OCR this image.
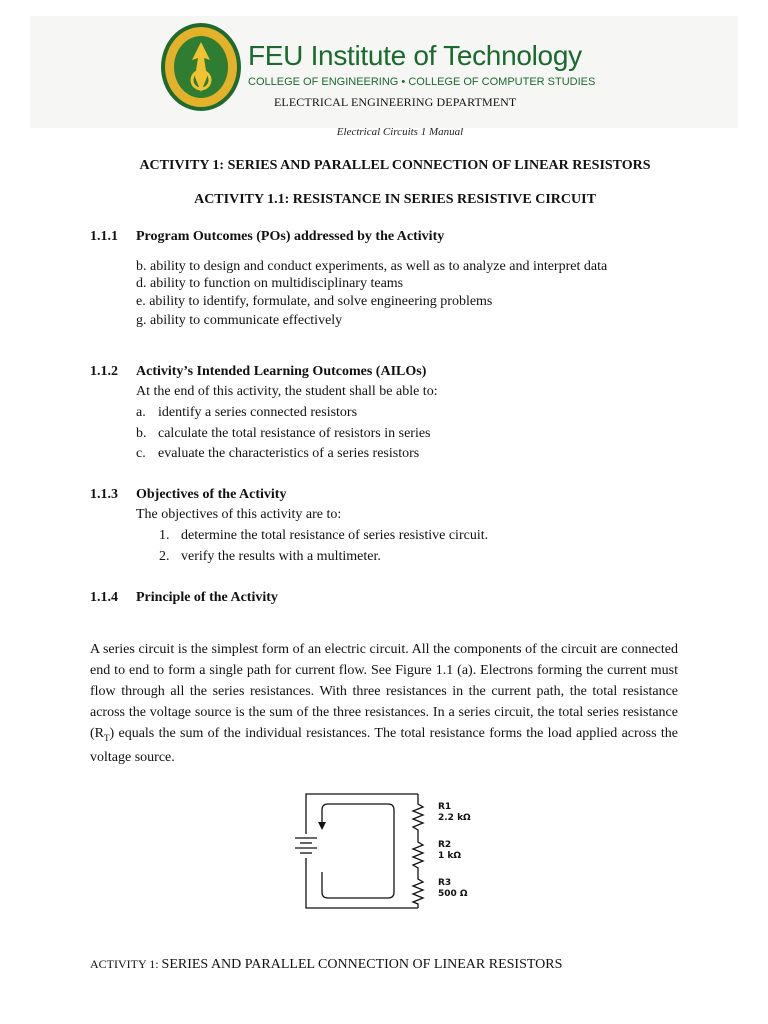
FEU Institute of Technology
COLLEGE OF ENGINEERING • COLLEGE OF COMPUTER STUDIES
ELECTRICAL ENGINEERING DEPARTMENT
Electrical Circuits 1 Manual
ACTIVITY 1: SERIES AND PARALLEL CONNECTION OF LINEAR RESISTORS
ACTIVITY 1.1: RESISTANCE IN SERIES RESISTIVE CIRCUIT
1.1.1 Program Outcomes (POs) addressed by the Activity
b. ability to design and conduct experiments, as well as to analyze and interpret data
d. ability to function on multidisciplinary teams
e. ability to identify, formulate, and solve engineering problems
g. ability to communicate effectively
1.1.2 Activity’s Intended Learning Outcomes (AILOs)
At the end of this activity, the student shall be able to:
a. identify a series connected resistors
b. calculate the total resistance of resistors in series
c. evaluate the characteristics of a series resistors
1.1.3 Objectives of the Activity
The objectives of this activity are to:
1. determine the total resistance of series resistive circuit.
2. verify the results with a multimeter.
1.1.4 Principle of the Activity
A series circuit is the simplest form of an electric circuit. All the components of the circuit are connected end to end to form a single path for current flow. See Figure 1.1 (a). Electrons forming the current must flow through all the series resistances. With three resistances in the current path, the total resistance across the voltage source is the sum of the three resistances. In a series circuit, the total series resistance $(R_T)$ equals the sum of the individual resistances. The total resistance forms the load applied across the voltage source.
R1
2.2 kΩ
R2
1 kΩ
R3
500 Ω
ACTIVITY 1: SERIES AND PARALLEL CONNECTION OF LINEAR RESISTORS
